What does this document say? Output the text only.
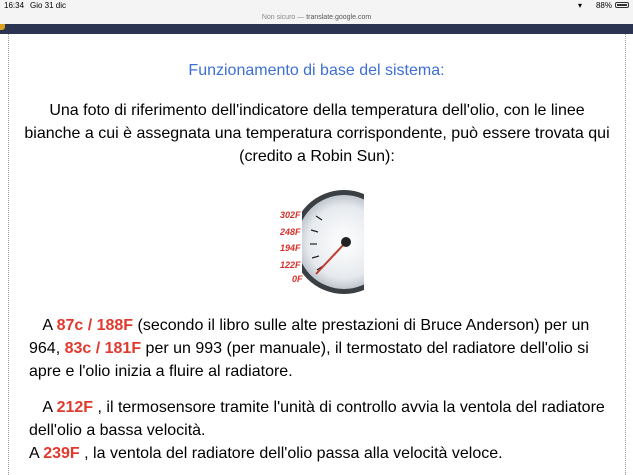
16:34 Gio 31 dic	▾ 88%
Non sicuro — translate.google.com
Funzionamento di base del sistema:
Una foto di riferimento dell'indicatore della temperatura dell'olio, con le linee bianche a cui è assegnata una temperatura corrispondente, può essere trovata qui (credito a Robin Sun):
302F
248F
194F
122F
0F
A 87c / 188F (secondo il libro sulle alte prestazioni di Bruce Anderson) per un 964, 83c / 181F per un 993 (per manuale), il termostato del radiatore dell'olio si apre e l'olio inizia a fluire al radiatore.
A 212F , il termosensore tramite l'unità di controllo avvia la ventola del radiatore dell'olio a bassa velocità.
A 239F , la ventola del radiatore dell'olio passa alla velocità veloce.
